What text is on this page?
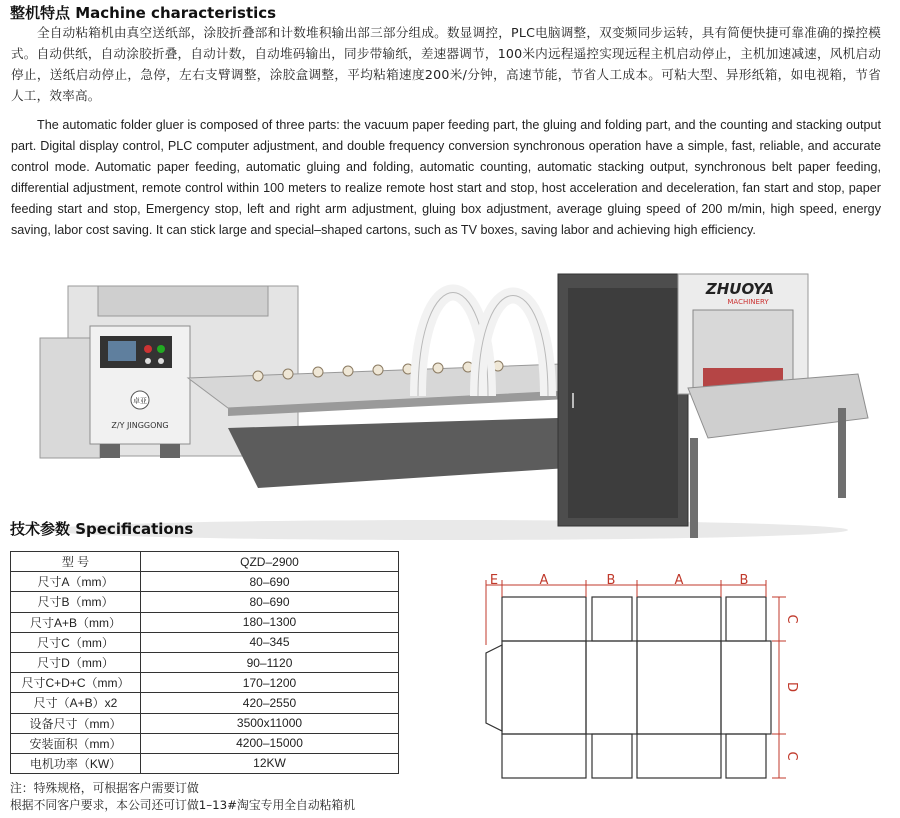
整机特点 Machine characteristics
全自动粘箱机由真空送纸部，涂胶折叠部和计数堆积输出部三部分组成。数显调控，PLC电脑调整，双变频同步运转，具有简便快捷可靠准确的操控模式。自动供纸，自动涂胶折叠，自动计数，自动堆码输出，同步带输纸，差速器调节，100米内远程遥控实现远程主机启动停止，主机加速减速，风机启动停止，送纸启动停止，急停，左右支臂调整，涂胶盒调整，平均粘箱速度200米/分钟，高速节能，节省人工成本。可粘大型、异形纸箱，如电视箱，节省人工，效率高。
The automatic folder gluer is composed of three parts: the vacuum paper feeding part, the gluing and folding part, and the counting and stacking output part. Digital display control, PLC computer adjustment, and double frequency conversion synchronous operation have a simple, fast, reliable, and accurate control mode. Automatic paper feeding, automatic gluing and folding, automatic counting, automatic stacking output, synchronous belt paper feeding, differential adjustment, remote control within 100 meters to realize remote host start and stop, host acceleration and deceleration, fan start and stop, paper feeding start and stop, Emergency stop, left and right arm adjustment, gluing box adjustment, average gluing speed of 200 m/min, high speed, energy saving, labor cost saving. It can stick large and special–shaped cartons, such as TV boxes, saving labor and achieving high efficiency.
卓亚
Z/Y JINGGONG
ZHUOYA
MACHINERY
技术参数 Specifications
型 号	QZD–2900
尺寸A（mm）	80–690
尺寸B（mm）	80–690
尺寸A+B（mm）	180–1300
尺寸C（mm）	40–345
尺寸D（mm）	90–1120
尺寸C+D+C（mm）	170–1200
尺寸（A+B）x2	420–2550
设备尺寸（mm）	3500x11000
安装面积（mm）	4200–15000
电机功率（KW）	12KW
注：特殊规格，可根据客户需要订做
根据不同客户要求，本公司还可订做1–13#淘宝专用全自动粘箱机
E	A	B	A	B
C
D
C
